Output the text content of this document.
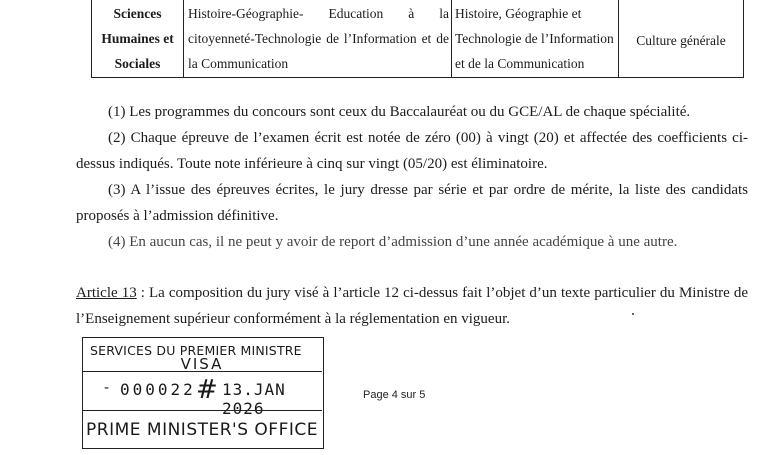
Sciences
Humaines et
Sociales
Histoire-Géographie- Education à la
citoyenneté-Technologie de l’Information et de
la Communication
Histoire, Géographie et
Technologie de l’Information
et de la Communication
Culture générale
(1) Les programmes du concours sont ceux du Baccalauréat ou du GCE/AL de chaque spécialité.
(2) Chaque épreuve de l’examen écrit est notée de zéro (00) à vingt (20) et affectée des coefficients ci-dessus indiqués. Toute note inférieure à cinq sur vingt (05/20) est éliminatoire.
(3) A l’issue des épreuves écrites, le jury dresse par série et par ordre de mérite, la liste des candidats proposés à l’admission définitive.
(4) En aucun cas, il ne peut y avoir de report d’admission d’une année académique à une autre.
Article 13 : La composition du jury visé à l’article 12 ci-dessus fait l’objet d’un texte particulier du Ministre de l’Enseignement supérieur conformément à la réglementation en vigueur.
SERVICES DU PREMIER MINISTRE
VISA
- 000022 # 13.JAN 2026
PRIME MINISTER'S OFFICE
Page 4 sur 5
